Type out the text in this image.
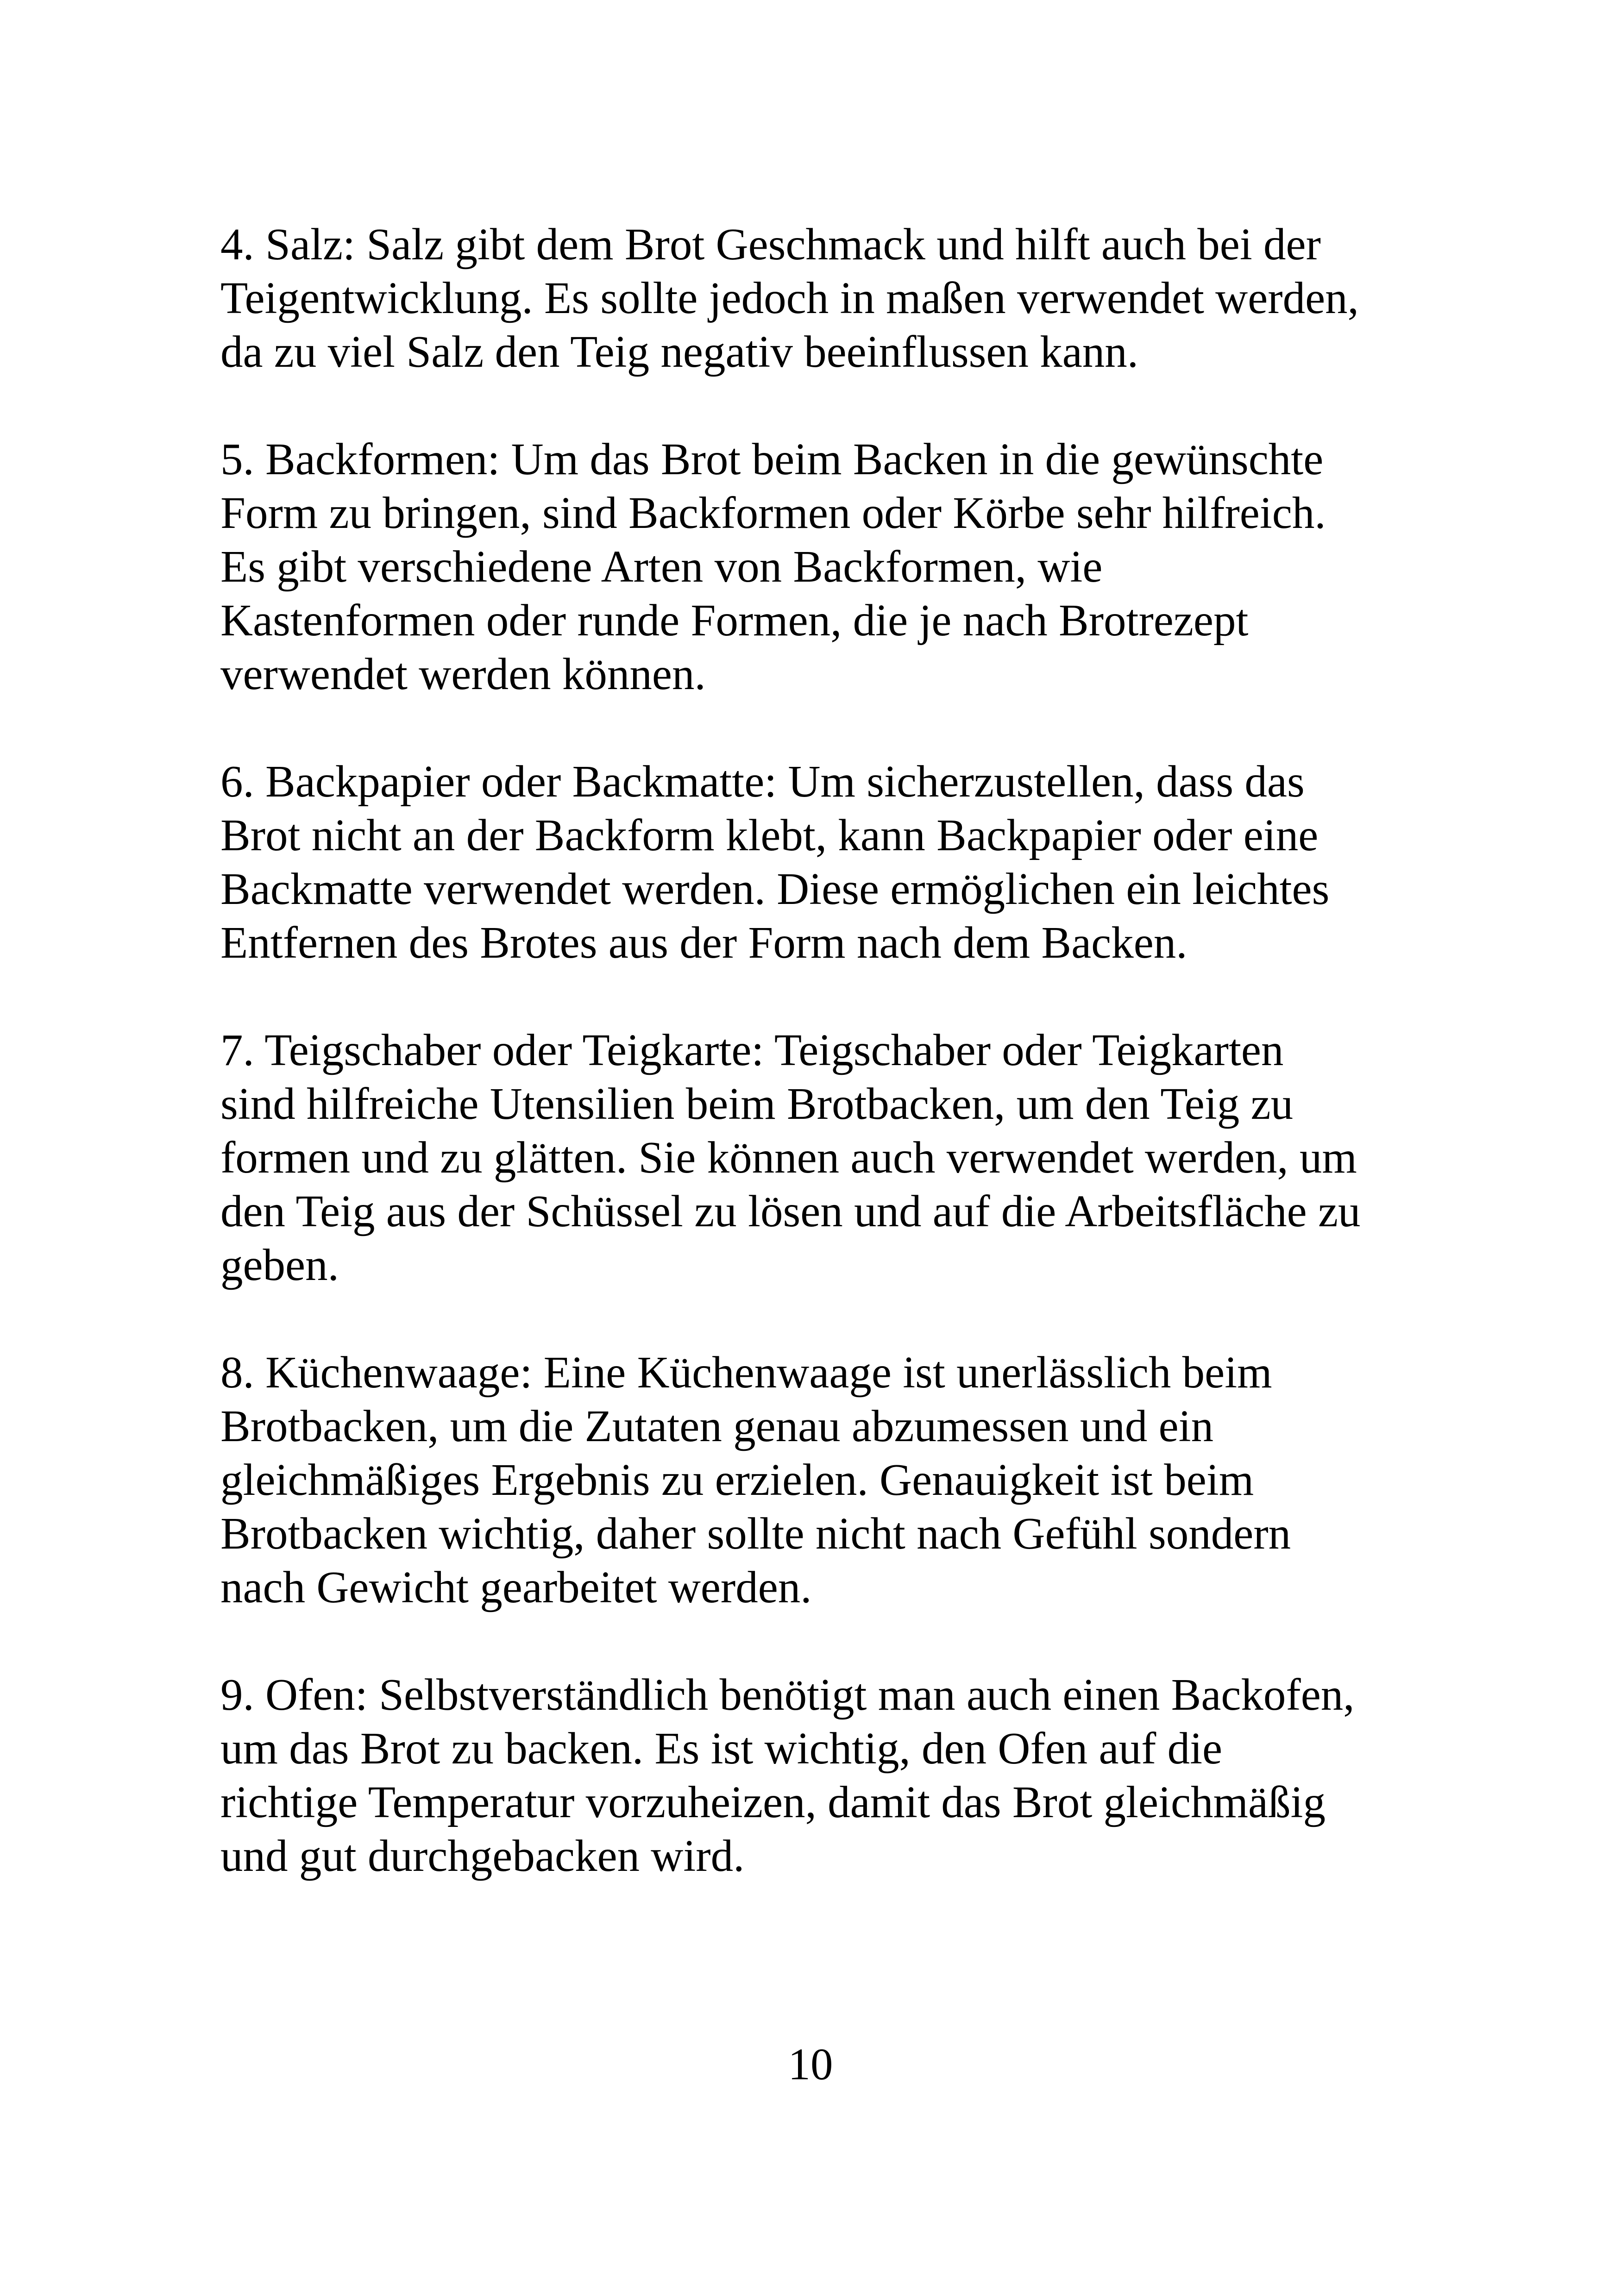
4. Salz: Salz gibt dem Brot Geschmack und hilft auch bei der
Teigentwicklung. Es sollte jedoch in maßen verwendet werden,
da zu viel Salz den Teig negativ beeinflussen kann.

5. Backformen: Um das Brot beim Backen in die gewünschte
Form zu bringen, sind Backformen oder Körbe sehr hilfreich.
Es gibt verschiedene Arten von Backformen, wie
Kastenformen oder runde Formen, die je nach Brotrezept
verwendet werden können.

6. Backpapier oder Backmatte: Um sicherzustellen, dass das
Brot nicht an der Backform klebt, kann Backpapier oder eine
Backmatte verwendet werden. Diese ermöglichen ein leichtes
Entfernen des Brotes aus der Form nach dem Backen.

7. Teigschaber oder Teigkarte: Teigschaber oder Teigkarten
sind hilfreiche Utensilien beim Brotbacken, um den Teig zu
formen und zu glätten. Sie können auch verwendet werden, um
den Teig aus der Schüssel zu lösen und auf die Arbeitsfläche zu
geben.

8. Küchenwaage: Eine Küchenwaage ist unerlässlich beim
Brotbacken, um die Zutaten genau abzumessen und ein
gleichmäßiges Ergebnis zu erzielen. Genauigkeit ist beim
Brotbacken wichtig, daher sollte nicht nach Gefühl sondern
nach Gewicht gearbeitet werden.

9. Ofen: Selbstverständlich benötigt man auch einen Backofen,
um das Brot zu backen. Es ist wichtig, den Ofen auf die
richtige Temperatur vorzuheizen, damit das Brot gleichmäßig
und gut durchgebacken wird.

10
